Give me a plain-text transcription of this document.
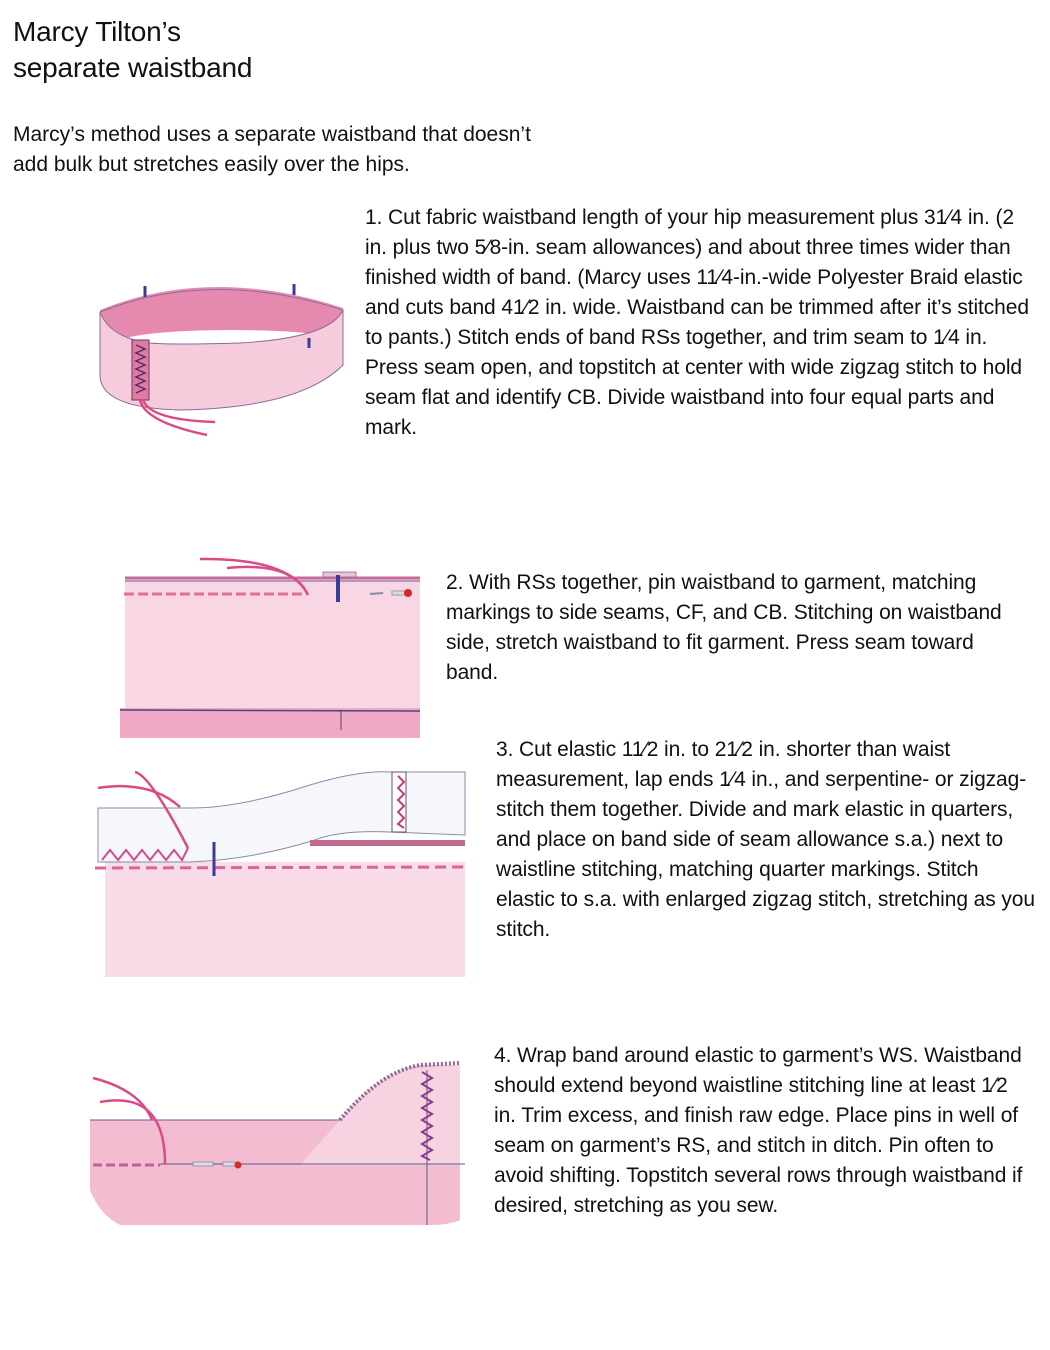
Marcy Tilton’s
separate waistband

Marcy’s method uses a separate waistband that doesn’t add bulk but stretches easily over the hips.

1. Cut fabric waistband length of your hip measurement plus 31⁄4 in. (2 in. plus two 5⁄8-in. seam allowances) and about three times wider than finished width of band. (Marcy uses 11⁄4-in.-wide Polyester Braid elastic and cuts band 41⁄2 in. wide. Waistband can be trimmed after it’s stitched to pants.) Stitch ends of band RSs together, and trim seam to 1⁄4 in. Press seam open, and topstitch at center with wide zigzag stitch to hold seam flat and identify CB. Divide waistband into four equal parts and mark.

2. With RSs together, pin waistband to garment, matching markings to side seams, CF, and CB. Stitching on waistband side, stretch waistband to fit garment. Press seam toward band.

3. Cut elastic 11⁄2 in. to 21⁄2 in. shorter than waist measurement, lap ends 1⁄4 in., and serpentine- or zigzag-stitch them together. Divide and mark elastic in quarters, and place on band side of seam allowance s.a.) next to waistline stitching, matching quarter markings. Stitch elastic to s.a. with enlarged zigzag stitch, stretching as you stitch.

4. Wrap band around elastic to garment’s WS. Waistband should extend beyond waistline stitching line at least 1⁄2 in. Trim excess, and finish raw edge. Place pins in well of seam on garment’s RS, and stitch in ditch. Pin often to avoid shifting. Topstitch several rows through waistband if desired, stretching as you sew.
